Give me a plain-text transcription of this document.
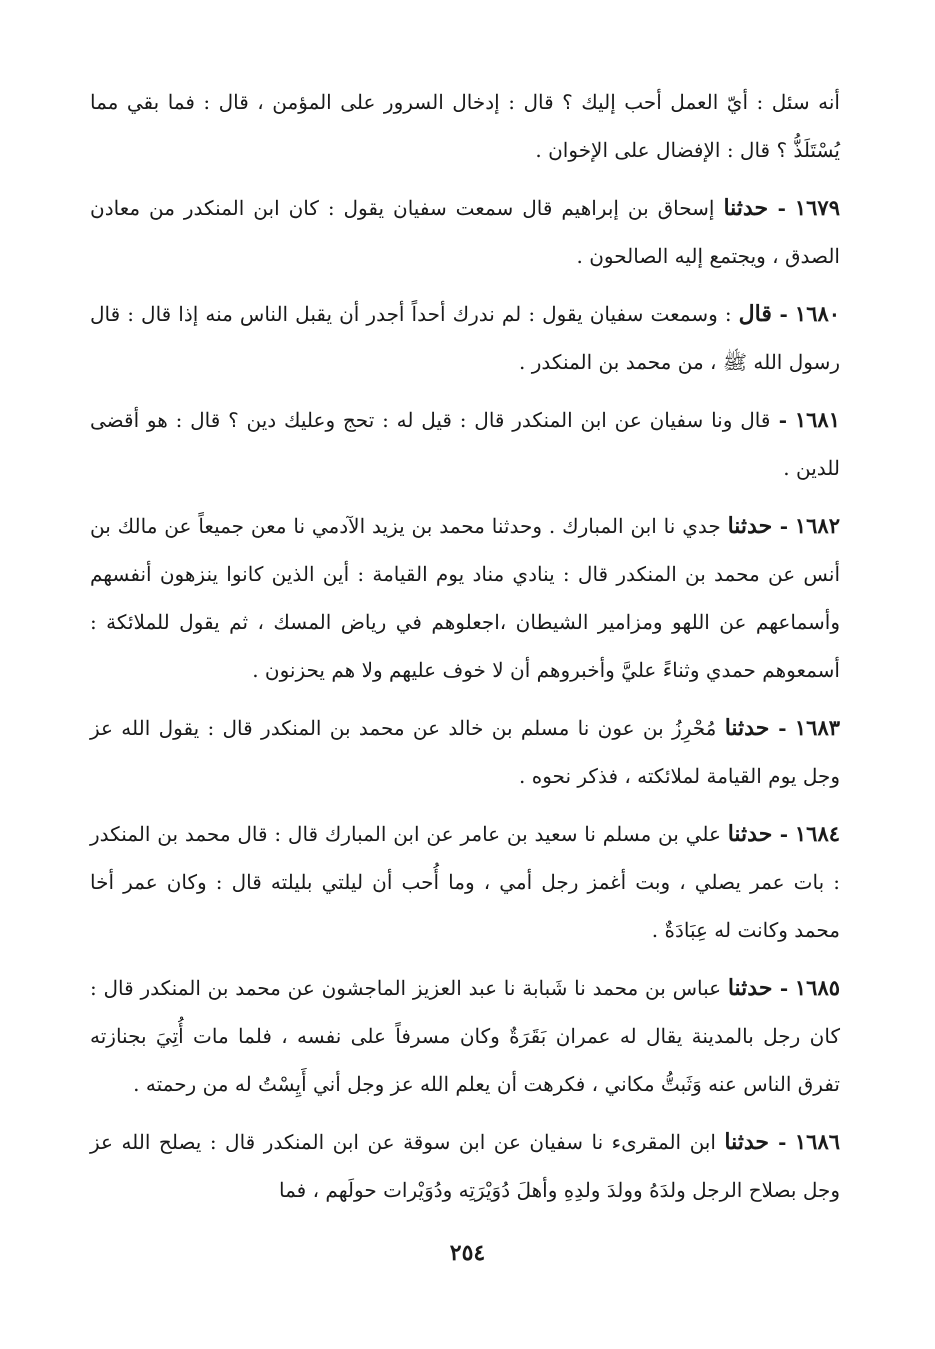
أنه سئل : أيّ العمل أحب إليك ؟ قال : إدخال السرور على المؤمن ، قال : فما بقي مما يُسْتَلَذُّ ؟ قال : الإفضال على الإخوان .

١٦٧٩ - حدثنا إسحاق بن إبراهيم قال سمعت سفيان يقول : كان ابن المنكدر من معادن الصدق ، ويجتمع إليه الصالحون .

١٦٨٠ - قال : وسمعت سفيان يقول : لم ندرك أحداً أجدر أن يقبل الناس منه إذا قال : قال رسول الله ﷺ ، من محمد بن المنكدر .

١٦٨١ - قال ونا سفيان عن ابن المنكدر قال : قيل له : تحج وعليك دين ؟ قال : هو أقضى للدين .

١٦٨٢ - حدثنا جدي نا ابن المبارك . وحدثنا محمد بن يزيد الآدمي نا معن جميعاً عن مالك بن أنس عن محمد بن المنكدر قال : ينادي مناد يوم القيامة : أين الذين كانوا ينزهون أنفسهم وأسماعهم عن اللهو ومزامير الشيطان ،اجعلوهم في رياض المسك ، ثم يقول للملائكة : أسمعوهم حمدي وثناءً عليَّ وأخبروهم أن لا خوف عليهم ولا هم يحزنون .

١٦٨٣ - حدثنا مُحْرِزُ بن عون نا مسلم بن خالد عن محمد بن المنكدر قال : يقول الله عز وجل يوم القيامة لملائكته ، فذكر نحوه .

١٦٨٤ - حدثنا علي بن مسلم نا سعيد بن عامر عن ابن المبارك قال : قال محمد بن المنكدر : بات عمر يصلي ، وبت أغمز رجل أمي ، وما أُحب أن ليلتي بليلته قال : وكان عمر أخا محمد وكانت له عِبَادَةٌ .

١٦٨٥ - حدثنا عباس بن محمد نا شَبابة نا عبد العزيز الماجشون عن محمد بن المنكدر قال : كان رجل بالمدينة يقال له عمران بَقَرَةٌ وكان مسرفاً على نفسه ، فلما مات أُتِيَ بجنازته تفرق الناس عنه وَثَبتُّ مكاني ، فكرهت أن يعلم الله عز وجل أني أَيِسْتُ له من رحمته .

١٦٨٦ - حدثنا ابن المقرىء نا سفيان عن ابن سوقة عن ابن المنكدر قال : يصلح الله عز وجل بصلاح الرجل ولدَهُ وولدَ ولدِهِ وأهلَ دُوَيْرَتِه ودُوَيْرات حولَهم ، فما

٢٥٤
